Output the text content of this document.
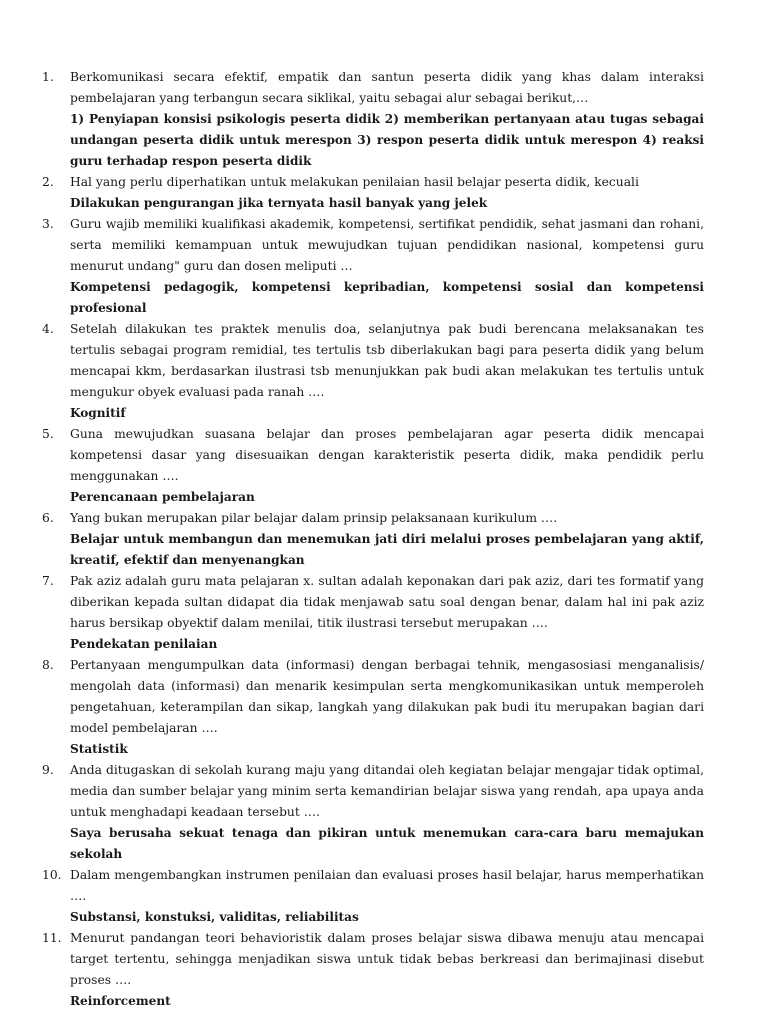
1.	Berkomunikasi secara efektif, empatik dan santun peserta didik yang khas dalam interaksi pembelajaran yang terbangun secara siklikal, yaitu sebagai alur sebagai berikut,…
1) Penyiapan konsisi psikologis peserta didik 2) memberikan pertanyaan atau tugas sebagai undangan peserta didik untuk merespon 3) respon peserta didik untuk merespon 4) reaksi guru terhadap respon peserta didik
2.	Hal yang perlu diperhatikan untuk melakukan penilaian hasil belajar peserta didik, kecuali
Dilakukan pengurangan jika ternyata hasil banyak yang jelek
3.	Guru wajib memiliki kualifikasi akademik, kompetensi, sertifikat pendidik, sehat jasmani dan rohani, serta memiliki kemampuan untuk mewujudkan tujuan pendidikan nasional, kompetensi guru menurut undang" guru dan dosen meliputi …
Kompetensi pedagogik, kompetensi kepribadian, kompetensi sosial dan kompetensi profesional
4.	Setelah dilakukan tes praktek menulis doa, selanjutnya pak budi berencana melaksanakan tes tertulis sebagai program remidial, tes tertulis tsb diberlakukan bagi para peserta didik yang belum mencapai kkm, berdasarkan ilustrasi tsb menunjukkan pak budi akan melakukan tes tertulis untuk mengukur obyek evaluasi pada ranah ….
Kognitif
5.	Guna mewujudkan suasana belajar dan proses pembelajaran agar peserta didik mencapai kompetensi dasar yang disesuaikan dengan karakteristik peserta didik, maka pendidik perlu menggunakan ….
Perencanaan pembelajaran
6.	Yang bukan merupakan pilar belajar dalam prinsip pelaksanaan kurikulum ….
Belajar untuk membangun dan menemukan jati diri melalui proses pembelajaran yang aktif, kreatif, efektif dan menyenangkan
7.	Pak aziz adalah guru mata pelajaran x. sultan adalah keponakan dari pak aziz, dari tes formatif yang diberikan kepada sultan didapat dia tidak menjawab satu soal dengan benar, dalam hal ini pak aziz harus bersikap obyektif dalam menilai, titik ilustrasi tersebut merupakan ….
Pendekatan penilaian
8.	Pertanyaan mengumpulkan data (informasi) dengan berbagai tehnik, mengasosiasi menganalisis/ mengolah data (informasi) dan menarik kesimpulan serta mengkomunikasikan untuk memperoleh pengetahuan, keterampilan dan sikap, langkah yang dilakukan pak budi itu merupakan bagian dari model pembelajaran ….
Statistik
9.	Anda ditugaskan di sekolah kurang maju yang ditandai oleh kegiatan belajar mengajar tidak optimal, media dan sumber belajar yang minim serta kemandirian belajar siswa yang rendah, apa upaya anda untuk menghadapi keadaan tersebut ….
Saya berusaha sekuat tenaga dan pikiran untuk menemukan cara-cara baru memajukan sekolah
10. Dalam mengembangkan instrumen penilaian dan evaluasi proses hasil belajar, harus memperhatikan ….
Substansi, konstuksi, validitas, reliabilitas
11. Menurut pandangan teori behavioristik dalam proses belajar siswa dibawa menuju atau mencapai target tertentu, sehingga menjadikan siswa untuk tidak bebas berkreasi dan berimajinasi disebut proses ….
Reinforcement
